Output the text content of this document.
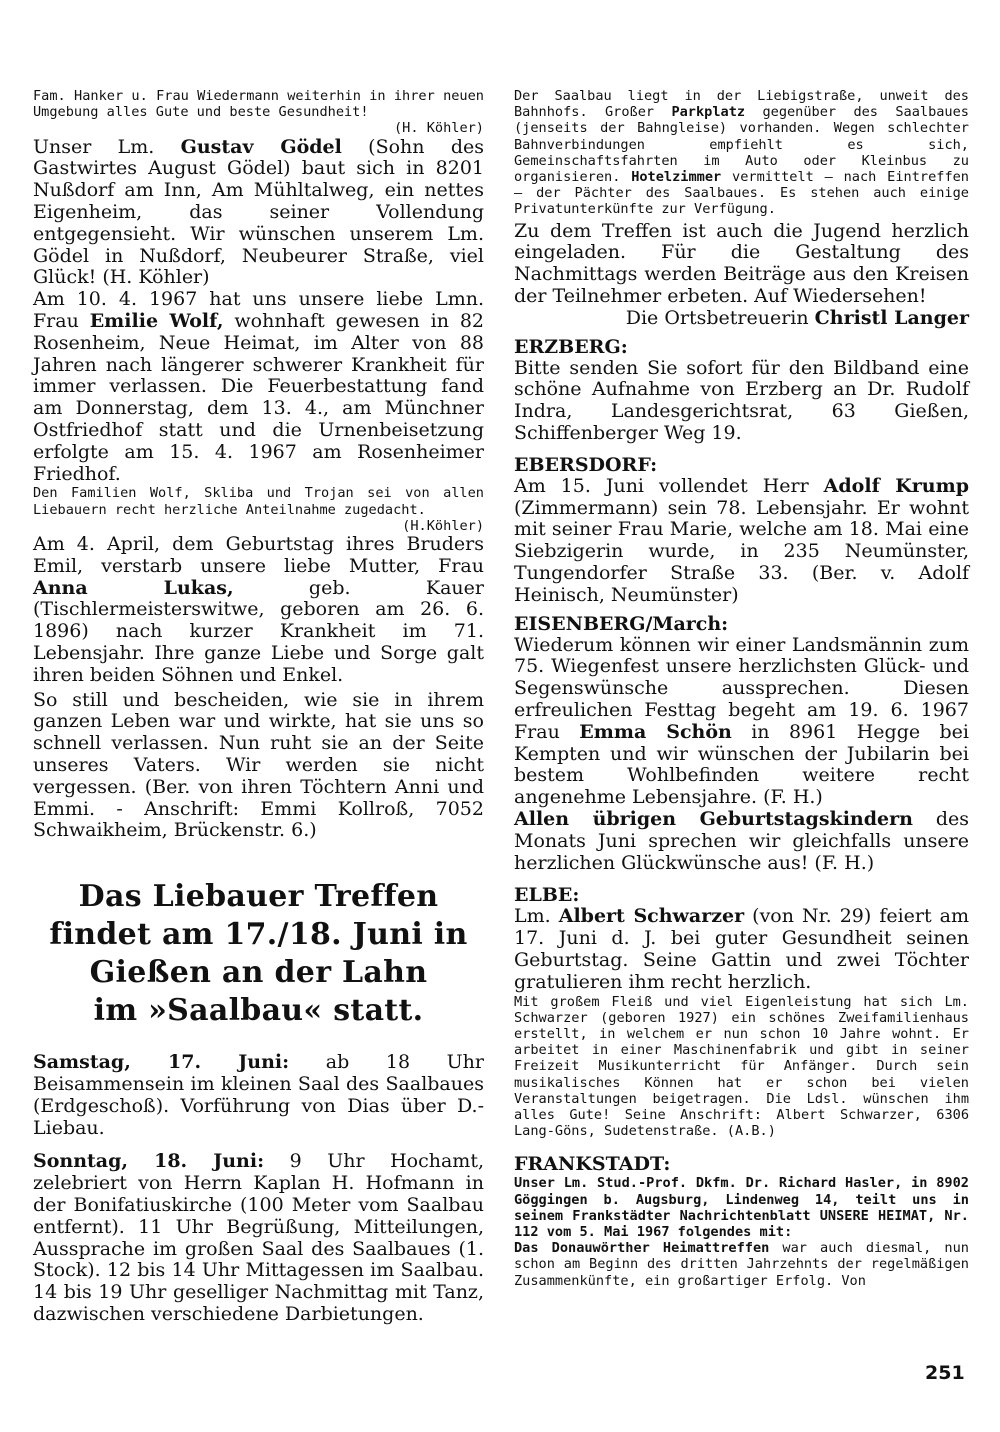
Fam. Hanker u. Frau Wiedermann weiterhin in ihrer neuen Umgebung alles Gute und beste Gesundheit!

(H. Köhler)

Unser Lm. Gustav Gödel (Sohn des Gastwirtes August Gödel) baut sich in 8201 Nußdorf am Inn, Am Mühltalweg, ein nettes Eigenheim, das seiner Vollendung entgegensieht. Wir wünschen unserem Lm. Gödel in Nußdorf, Neubeurer Straße, viel Glück! (H. Köhler)

Am 10. 4. 1967 hat uns unsere liebe Lmn. Frau Emilie Wolf, wohnhaft gewesen in 82 Rosenheim, Neue Heimat, im Alter von 88 Jahren nach längerer schwerer Krankheit für immer verlassen. Die Feuerbestattung fand am Donnerstag, dem 13. 4., am Münchner Ostfriedhof statt und die Urnenbeisetzung erfolgte am 15. 4. 1967 am Rosenheimer Friedhof.

Den Familien Wolf, Skliba und Trojan sei von allen Liebauern recht herzliche Anteilnahme zugedacht.

(H.Köhler)

Am 4. April, dem Geburtstag ihres Bruders Emil, verstarb unsere liebe Mutter, Frau Anna Lukas, geb. Kauer (Tischlermeisterswitwe, geboren am 26. 6. 1896) nach kurzer Krankheit im 71. Lebensjahr. Ihre ganze Liebe und Sorge galt ihren beiden Söhnen und Enkel.

So still und bescheiden, wie sie in ihrem ganzen Leben war und wirkte, hat sie uns so schnell verlassen. Nun ruht sie an der Seite unseres Vaters. Wir werden sie nicht vergessen. (Ber. von ihren Töchtern Anni und Emmi. - Anschrift: Emmi Kollroß, 7052 Schwaikheim, Brückenstr. 6.)

Das Liebauer Treffen
findet am 17./18. Juni in
Gießen an der Lahn
im »Saalbau« statt.

Samstag, 17. Juni: ab 18 Uhr Beisammensein im kleinen Saal des Saalbaues (Erdgeschoß). Vorführung von Dias über D.-Liebau.

Sonntag, 18. Juni: 9 Uhr Hochamt, zelebriert von Herrn Kaplan H. Hofmann in der Bonifatiuskirche (100 Meter vom Saalbau entfernt). 11 Uhr Begrüßung, Mitteilungen, Aussprache im großen Saal des Saalbaues (1. Stock). 12 bis 14 Uhr Mittagessen im Saalbau. 14 bis 19 Uhr geselliger Nachmittag mit Tanz, dazwischen verschiedene Darbietungen.

Der Saalbau liegt in der Liebigstraße, unweit des Bahnhofs. Großer Parkplatz gegenüber des Saalbaues (jenseits der Bahngleise) vorhanden. Wegen schlechter Bahnverbindungen empfiehlt es sich, Gemeinschaftsfahrten im Auto oder Kleinbus zu organisieren. Hotelzimmer vermittelt — nach Eintreffen — der Pächter des Saalbaues. Es stehen auch einige Privatunterkünfte zur Verfügung.

Zu dem Treffen ist auch die Jugend herzlich eingeladen. Für die Gestaltung des Nachmittags werden Beiträge aus den Kreisen der Teilnehmer erbeten. Auf Wiedersehen!

Die Ortsbetreuerin Christl Langer

ERZBERG:

Bitte senden Sie sofort für den Bildband eine schöne Aufnahme von Erzberg an Dr. Rudolf Indra, Landesgerichtsrat, 63 Gießen, Schiffenberger Weg 19.

EBERSDORF:

Am 15. Juni vollendet Herr Adolf Krump (Zimmermann) sein 78. Lebensjahr. Er wohnt mit seiner Frau Marie, welche am 18. Mai eine Siebzigerin wurde, in 235 Neumünster, Tungendorfer Straße 33. (Ber. v. Adolf Heinisch, Neumünster)

EISENBERG/March:

Wiederum können wir einer Landsmännin zum 75. Wiegenfest unsere herzlichsten Glück- und Segenswünsche aussprechen. Diesen erfreulichen Festtag begeht am 19. 6. 1967 Frau Emma Schön in 8961 Hegge bei Kempten und wir wünschen der Jubilarin bei bestem Wohlbefinden weitere recht angenehme Lebensjahre. (F. H.)

Allen übrigen Geburtstagskindern des Monats Juni sprechen wir gleichfalls unsere herzlichen Glückwünsche aus! (F. H.)

ELBE:

Lm. Albert Schwarzer (von Nr. 29) feiert am 17. Juni d. J. bei guter Gesundheit seinen Geburtstag. Seine Gattin und zwei Töchter gratulieren ihm recht herzlich.

Mit großem Fleiß und viel Eigenleistung hat sich Lm. Schwarzer (geboren 1927) ein schönes Zweifamilienhaus erstellt, in welchem er nun schon 10 Jahre wohnt. Er arbeitet in einer Maschinenfabrik und gibt in seiner Freizeit Musikunterricht für Anfänger. Durch sein musikalisches Können hat er schon bei vielen Veranstaltungen beigetragen. Die Ldsl. wünschen ihm alles Gute! Seine Anschrift: Albert Schwarzer, 6306 Lang-Göns, Sudetenstraße. (A.B.)

FRANKSTADT:

Unser Lm. Stud.-Prof. Dkfm. Dr. Richard Hasler, in 8902 Göggingen b. Augsburg, Lindenweg 14, teilt uns in seinem Frankstädter Nachrichtenblatt UNSERE HEIMAT, Nr. 112 vom 5. Mai 1967 folgendes mit:

Das Donauwörther Heimattreffen war auch diesmal, nun schon am Beginn des dritten Jahrzehnts der regelmäßigen Zusammenkünfte, ein großartiger Erfolg. Von

251
